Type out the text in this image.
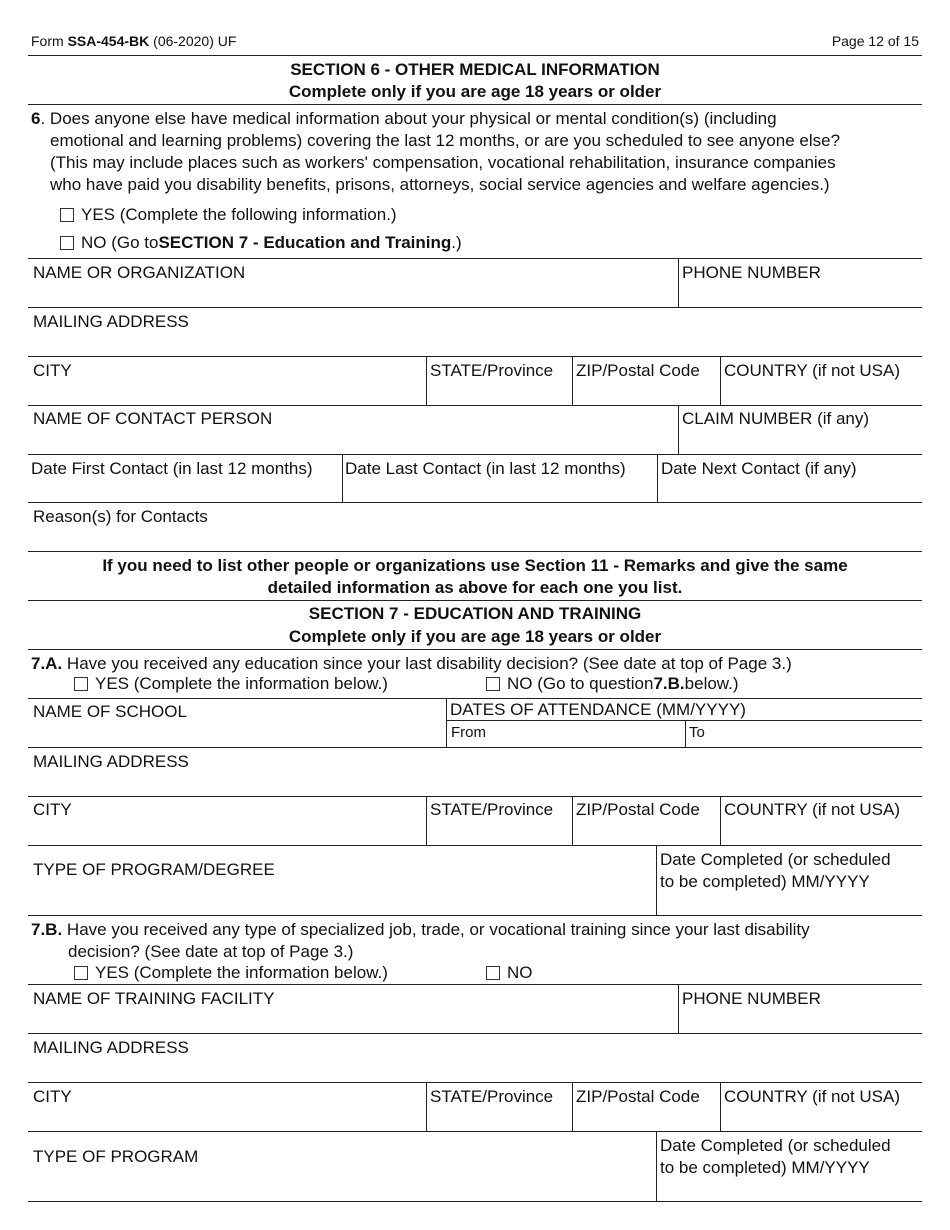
Form SSA-454-BK (06-2020) UF	Page 12 of 15
SECTION 6 - OTHER MEDICAL INFORMATION
Complete only if you are age 18 years or older
6. Does anyone else have medical information about your physical or mental condition(s) (including
emotional and learning problems) covering the last 12 months, or are you scheduled to see anyone else?
(This may include places such as workers' compensation, vocational rehabilitation, insurance companies
who have paid you disability benefits, prisons, attorneys, social service agencies and welfare agencies.)
YES (Complete the following information.)
NO (Go to SECTION 7 - Education and Training .)
NAME OR ORGANIZATION	PHONE NUMBER
MAILING ADDRESS
CITY	STATE/Province ZIP/Postal Code COUNTRY (if not USA)
NAME OF CONTACT PERSON	CLAIM NUMBER (if any)
Date First Contact (in last 12 months) Date Last Contact (in last 12 months) Date Next Contact (if any)
Reason(s) for Contacts
If you need to list other people or organizations use Section 11 - Remarks and give the same
detailed information as above for each one you list.
SECTION 7 - EDUCATION AND TRAINING
Complete only if you are age 18 years or older
7.A. Have you received any education since your last disability decision? (See date at top of Page 3.)
YES (Complete the information below.)	NO (Go to question 7.B. below.)
NAME OF SCHOOL	DATES OF ATTENDANCE (MM/YYYY)
From	To
MAILING ADDRESS
CITY	STATE/Province ZIP/Postal Code COUNTRY (if not USA)
TYPE OF PROGRAM/DEGREE
Date Completed (or scheduled
to be completed) MM/YYYY
7.B. Have you received any type of specialized job, trade, or vocational training since your last disability
decision? (See date at top of Page 3.)
YES (Complete the information below.)	NO
NAME OF TRAINING FACILITY	PHONE NUMBER
MAILING ADDRESS
CITY	STATE/Province ZIP/Postal Code COUNTRY (if not USA)
TYPE OF PROGRAM
Date Completed (or scheduled
to be completed) MM/YYYY
